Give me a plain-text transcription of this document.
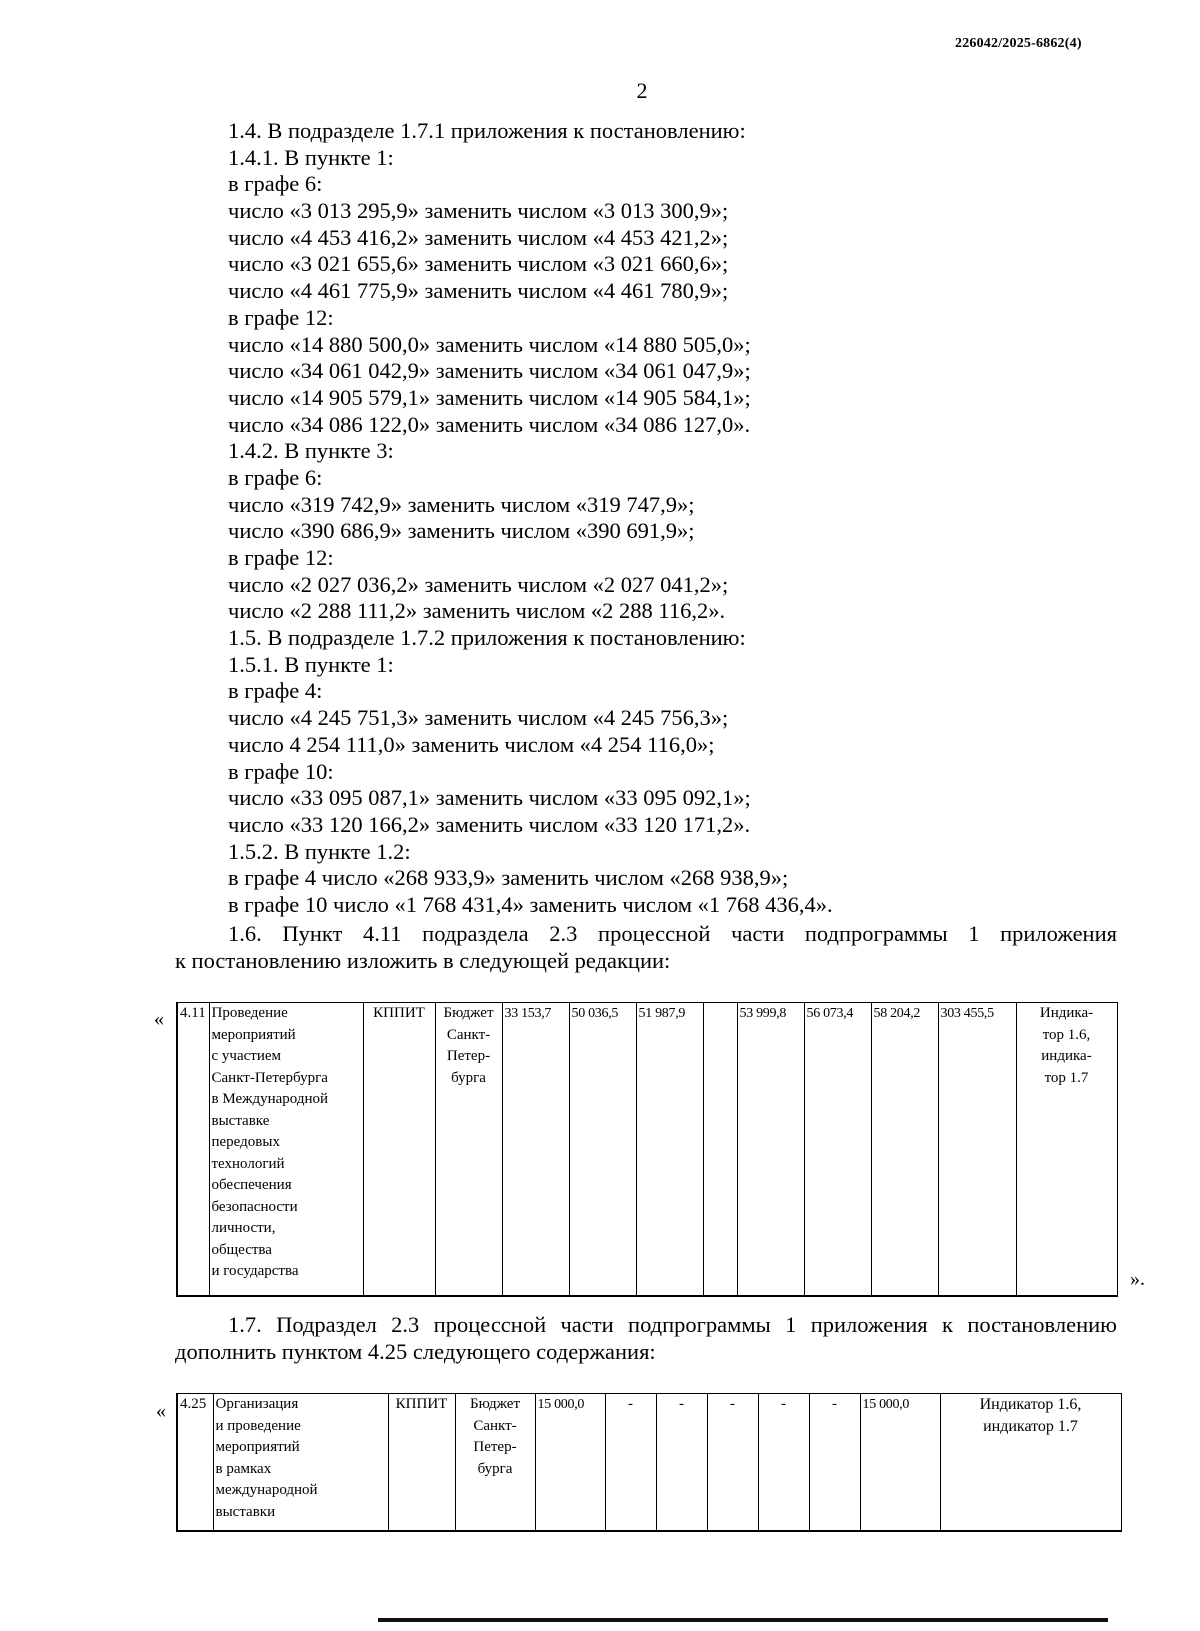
226042/2025-6862(4)
2
1.4. В подразделе 1.7.1 приложения к постановлению:
1.4.1. В пункте 1:
в графе 6:
число «3 013 295,9» заменить числом «3 013 300,9»;
число «4 453 416,2» заменить числом «4 453 421,2»;
число «3 021 655,6» заменить числом «3 021 660,6»;
число «4 461 775,9» заменить числом «4 461 780,9»;
в графе 12:
число «14 880 500,0» заменить числом «14 880 505,0»;
число «34 061 042,9» заменить числом «34 061 047,9»;
число «14 905 579,1» заменить числом «14 905 584,1»;
число «34 086 122,0» заменить числом «34 086 127,0».
1.4.2. В пункте 3:
в графе 6:
число «319 742,9» заменить числом «319 747,9»;
число «390 686,9» заменить числом «390 691,9»;
в графе 12:
число «2 027 036,2» заменить числом «2 027 041,2»;
число «2 288 111,2» заменить числом «2 288 116,2».
1.5. В подразделе 1.7.2 приложения к постановлению:
1.5.1. В пункте 1:
в графе 4:
число «4 245 751,3» заменить числом «4 245 756,3»;
число 4 254 111,0» заменить числом «4 254 116,0»;
в графе 10:
число «33 095 087,1» заменить числом «33 095 092,1»;
число «33 120 166,2» заменить числом «33 120 171,2».
1.5.2. В пункте 1.2:
в графе 4 число «268 933,9» заменить числом «268 938,9»;
в графе 10 число «1 768 431,4» заменить числом «1 768 436,4».
1.6. Пункт 4.11 подраздела 2.3 процессной части подпрограммы 1 приложения
к постановлению изложить в следующей редакции:
« 4.11	Проведение
мероприятий
с участием
Санкт-Петербурга
в Международной
выставке
передовых
технологий
обеспечения
безопасности
личности,
общества
и государства
	КППИТ	Бюджет
Санкт-
Петер-
бурга
	33 153,7	50 036,5	51 987,9		53 999,8	56 073,4	58 204,2	303 455,5	Индика-
тор 1.6,
индика-
тор 1.7
».
1.7. Подраздел 2.3 процессной части подпрограммы 1 приложения к постановлению
дополнить пунктом 4.25 следующего содержания:
« 4.25	Организация
и проведение
мероприятий
в рамках
международной
выставки
	КППИТ	Бюджет
Санкт-
Петер-
бурга
	15 000,0	-	-	-	-	-	15 000,0	Индикатор 1.6,
индикатор 1.7
